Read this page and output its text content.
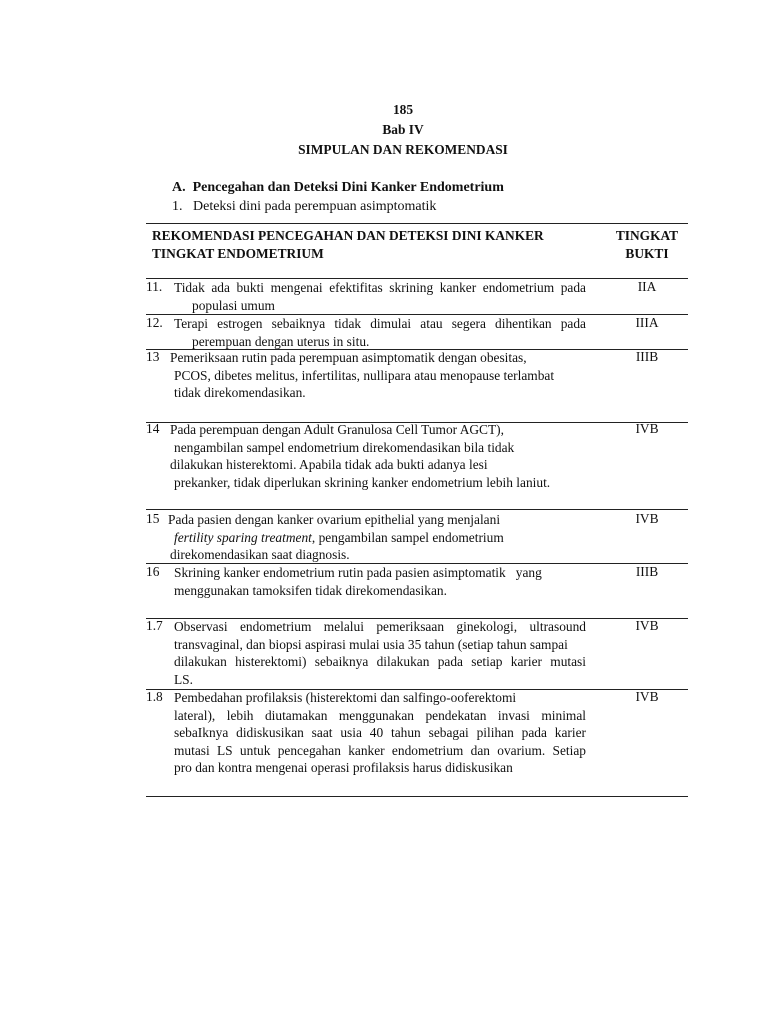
185
Bab IV
SIMPULAN DAN REKOMENDASI
A.  Pencegahan dan Deteksi Dini Kanker Endometrium
1.   Deteksi dini pada perempuan asimptomatik
REKOMENDASI PENCEGAHAN DAN DETEKSI DINI KANKER
TINGKAT ENDOMETRIUM
TINGKAT
BUKTI
11. Tidak ada bukti mengenai efektifitas skrining kanker endometrium pada
populasi umum
IIA
12. Terapi estrogen sebaiknya tidak dimulai atau segera dihentikan pada
perempuan dengan uterus in situ.
IIIA
13 Pemeriksaan rutin pada perempuan asimptomatik dengan obesitas,
PCOS, dibetes melitus, infertilitas, nullipara atau menopause terlambat
tidak direkomendasikan.
IIIB
14 Pada perempuan dengan Adult Granulosa Cell Tumor AGCT),
nengambilan sampel endometrium direkomendasikan bila tidak
dilakukan histerektomi. Apabila tidak ada bukti adanya lesi
prekanker, tidak diperlukan skrining kanker endometrium lebih laniut.
IVB
15 Pada pasien dengan kanker ovarium epithelial yang menjalani
fertility sparing treatment, pengambilan sampel endometrium
direkomendasikan saat diagnosis.
IVB
16 Skrining kanker endometrium rutin pada pasien asimptomatik   yang
menggunakan tamoksifen tidak direkomendasikan.
IIIB
1.7 Observasi endometrium melalui pemeriksaan ginekologi, ultrasound
transvaginal, dan biopsi aspirasi mulai usia 35 tahun (setiap tahun sampai
dilakukan histerektomi) sebaiknya dilakukan pada setiap karier mutasi
LS.
IVB
1.8 Pembedahan profilaksis (histerektomi dan salfingo-ooferektomi
lateral), lebih diutamakan menggunakan pendekatan invasi minimal
sebaIknya didiskusikan saat usia 40 tahun sebagai pilihan pada karier
mutasi LS untuk pencegahan kanker endometrium dan ovarium. Setiap
pro dan kontra mengenai operasi profilaksis harus didiskusikan
IVB
